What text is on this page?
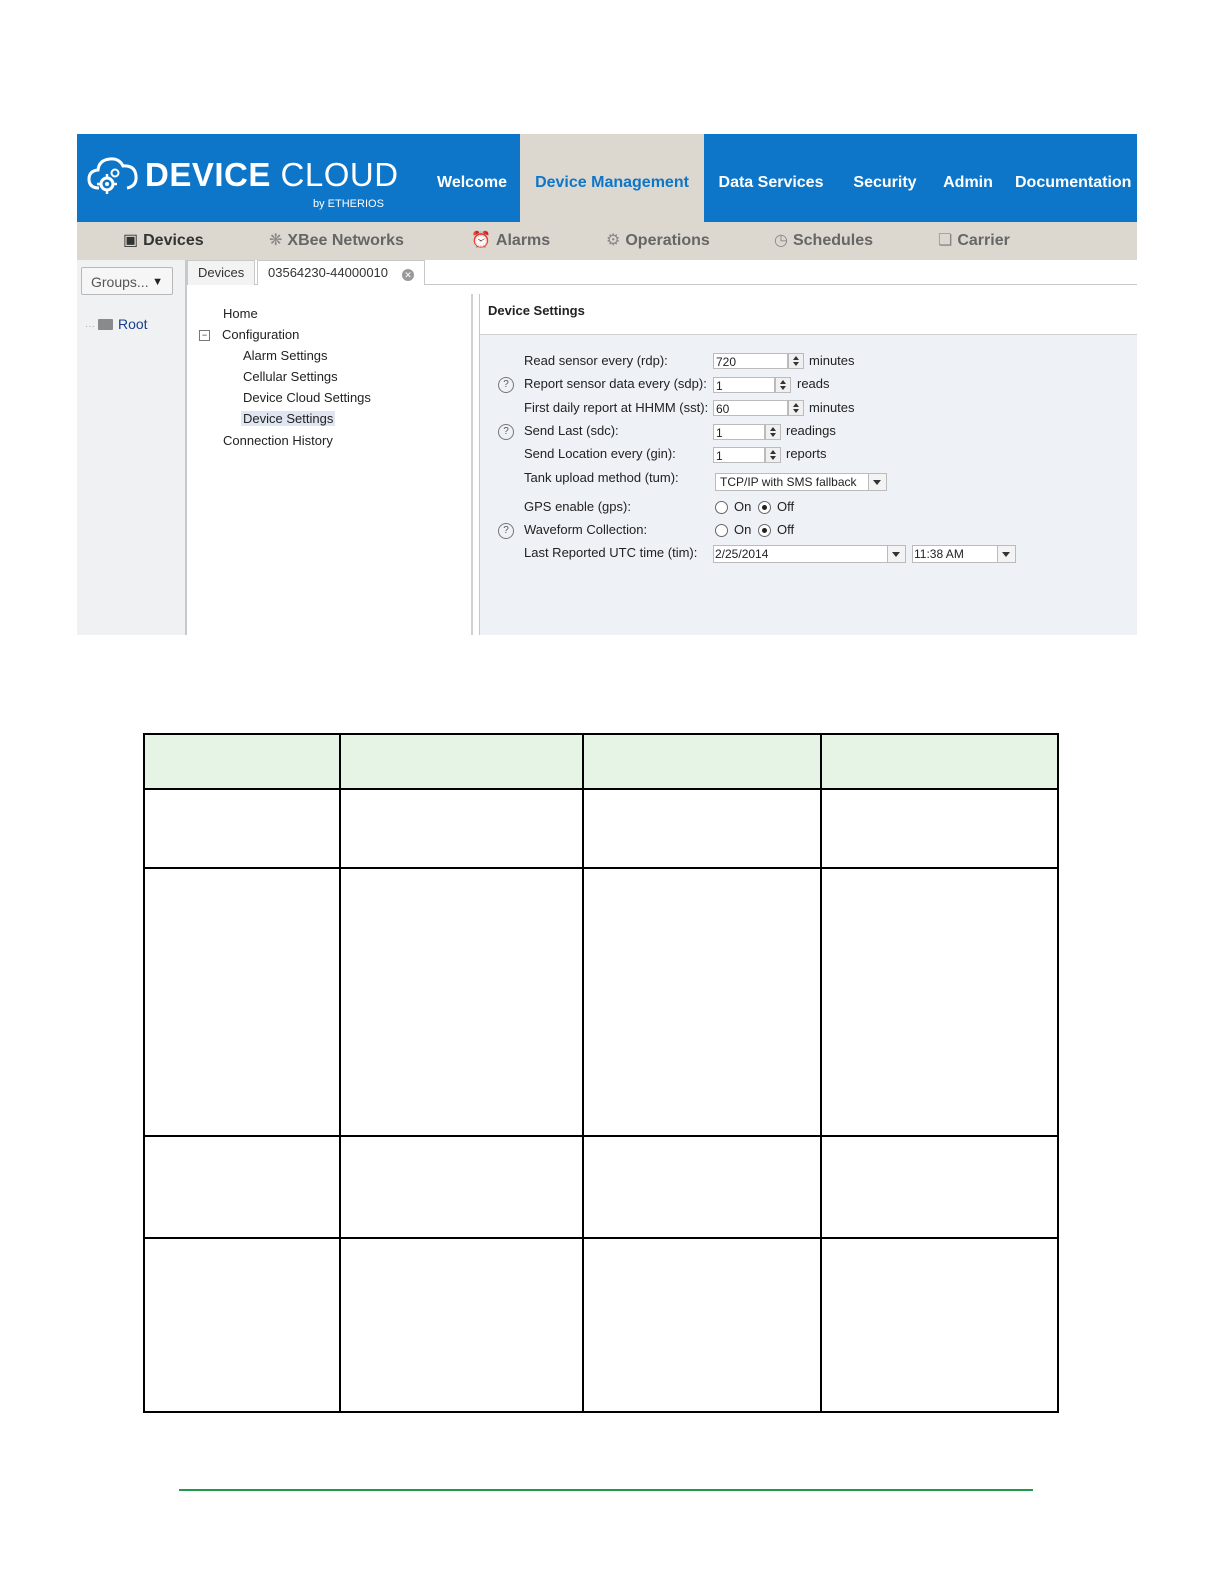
DEVICE CLOUD
by ETHERIOS
Welcome	Device Management	Data Services	Security	Admin	Documentation
▣ Devices	❋ XBee Networks	⏰ Alarms	⚙ Operations	◷ Schedules	❏ Carrier
Groups... ▼
··· Root
Devices	03564230-44000010 ✕
Home
− Configuration
Alarm Settings
Cellular Settings
Device Cloud Settings
Device Settings
Connection History
Device Settings
Read sensor every (rdp):	720	minutes
?	Report sensor data every (sdp): 1	reads
First daily report at HHMM (sst): 60	minutes
?	Send Last (sdc):	1	readings
Send Location every (gin):	1	reports
Tank upload method (tum):	TCP/IP with SMS fallback
GPS enable (gps):	On Off
?	Waveform Collection:	On Off
Last Reported UTC time (tim): 2/25/2014	11:38 AM
